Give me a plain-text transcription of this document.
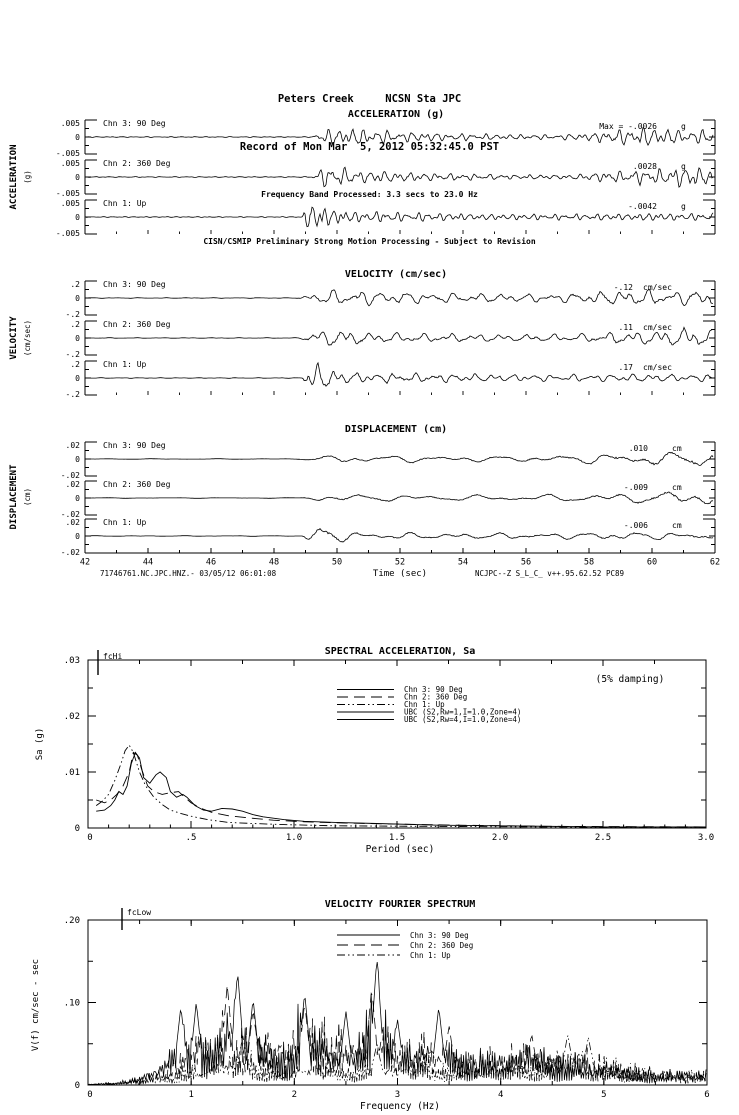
Peters Creek     NCSN Sta JPC

Record of Mon Mar  5, 2012 05:32:45.0 PST

Frequency Band Processed: 3.3 secs to 23.0 Hz

CISN/CSMIP Preliminary Strong Motion Processing - Subject to Revision

ACCELERATION (g)
ACCELERATION (g)
.005
0
-.005
Chn 3: 90 Deg	Max = -.0026	g
.005
0
-.005
Chn 2: 360 Deg	.0028	g
.005
0
-.005
Chn 1: Up	-.0042	g
VELOCITY (cm/sec)
VELOCITY (cm/sec)
.2
0
-.2
Chn 3: 90 Deg	-.12 cm/sec
.2
0
-.2
Chn 2: 360 Deg	.11 cm/sec
.2
0
-.2
Chn 1: Up	.17 cm/sec
DISPLACEMENT (cm)
DISPLACEMENT (cm)
.02
0
-.02
Chn 3: 90 Deg	.010	cm
.02
0
-.02
Chn 2: 360 Deg	-.009	cm
.02
0
-.02
Chn 1: Up	-.006	cm
42	44	46	48	50	52	54	56	58	60	62
Time (sec)
71746761.NC.JPC.HNZ.- 03/05/12 06:01:08	NCJPC--Z S_L_C_ v++.95.62.52 PC89
SPECTRAL ACCELERATION, Sa
0
.01
.02
.03
0	.5	1.0	1.5	2.0	2.5	3.0
Period (sec)
Sa (g)
(5% damping)
fcHi
Chn 3: 90 Deg
Chn 2: 360 Deg
Chn 1: Up
UBC (S2,Rw=1,I=1.0,Zone=4)
UBC (S2,Rw=4,I=1.0,Zone=4)
VELOCITY FOURIER SPECTRUM
0
.10
.20
0	1	2	3	4	5	6
Frequency (Hz)
V(f) cm/sec - sec
fcLow
Chn 3: 90 Deg
Chn 2: 360 Deg
Chn 1: Up
